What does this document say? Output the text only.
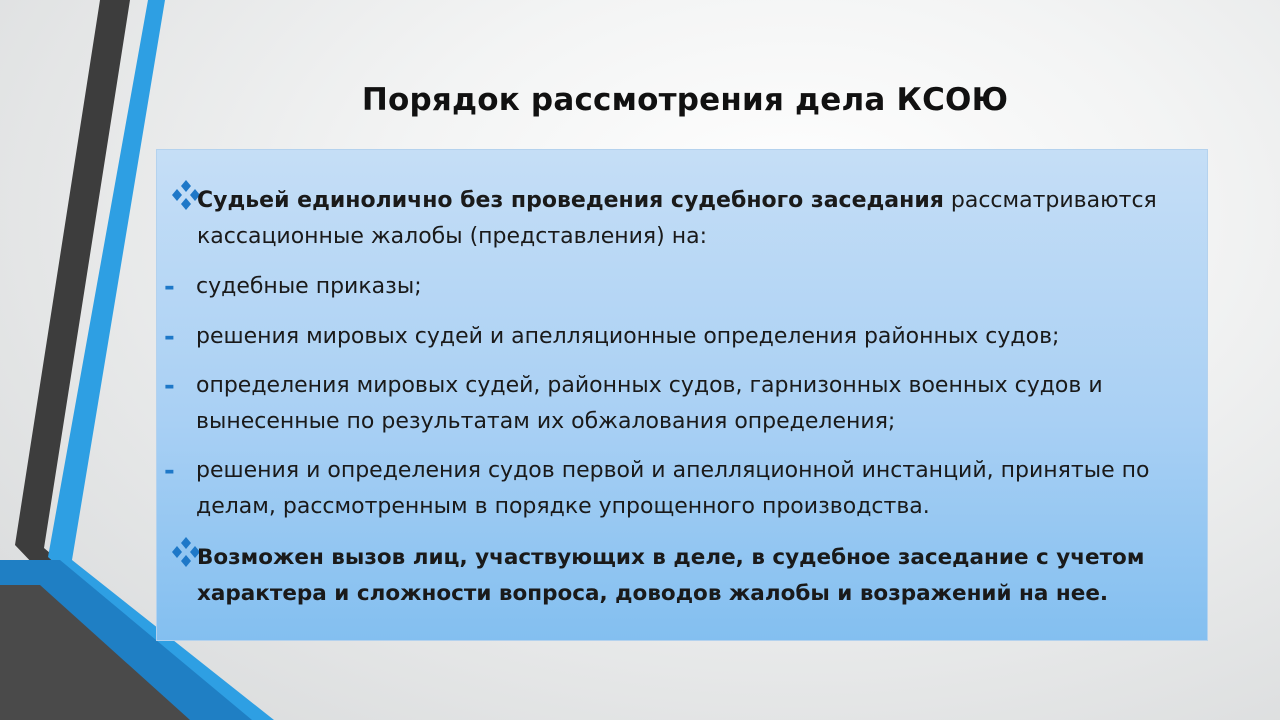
Порядок рассмотрения дела КСОЮ

Судьей единолично без проведения судебного заседания рассматриваются кассационные жалобы (представления) на:

- судебные приказы;

- решения мировых судей и апелляционные определения районных судов;

- определения мировых судей, районных судов, гарнизонных военных судов и вынесенные по результатам их обжалования определения;

- решения и определения судов первой и апелляционной инстанций, принятые по делам, рассмотренным в порядке упрощенного производства.

Возможен вызов лиц, участвующих в деле, в судебное заседание с учетом характера и сложности вопроса, доводов жалобы и возражений на нее.
